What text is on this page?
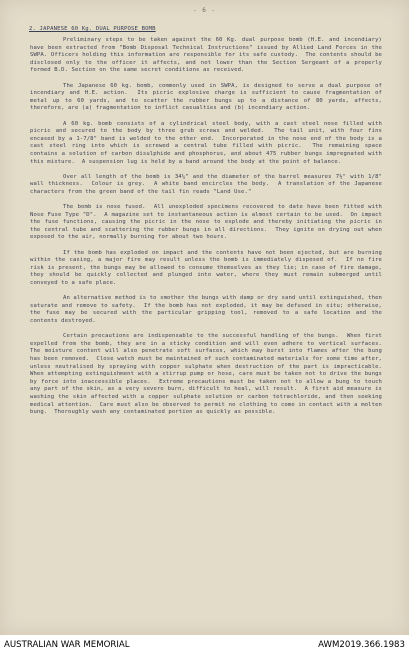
- 6 -
2. JAPANESE 60 Kg. DUAL PURPOSE BOMB

Preliminary steps to be taken against the 60 Kg. dual purpose bomb (H.E. and incendiary) have been extracted from "Bomb Disposal Technical Instructions" issued by Allied Land Forces in the SWPA. Officers holding this information are responsible for its safe custody.  The contents should be disclosed only to the officer it affects, and not lower than the Section Sergeant of a properly formed B.D. Section on the same secret conditions as received.

The Japanese 60 kg. bomb, commonly used in SWPA, is designed to serve a dual purpose of incendiary and H.E. action.  Its picric explosive charge is sufficient to cause fragmentation of metal up to 60 yards, and to scatter the rubber bungs up to a distance of 80 yards, affects, therefore, are (a) fragmentation to inflict casualties and (b) incendiary action.

A 60 kg. bomb consists of a cylindrical steel body, with a cast steel nose filled with picric and secured to the body by three grub screws and welded.  The tail unit, with four fins encased by a 1-7/8" band is welded to the other end.  Incorporated in the nose end of the body is a cast steel ring into which is screwed a central tube filled with picric.  The remaining space contains a solution of carbon disulphide and phosphorus, and about 475 rubber bungs impregnated with this mixture.  A suspension lug is held by a band around the body at the point of balance.

Over all length of the bomb is 34¼" and the diameter of the barrel measures 7½" with 1/8" wall thickness.  Colour is grey.  A white band encircles the body.  A translation of the Japanese characters from the green band of the tail fin reads "Land Use."

The bomb is nose fused.  All unexploded specimens recovered to date have been fitted with Nose Fuse Type "D".  A magazine set to instantaneous action is almost certain to be used.  On impact the fuse functions, causing the picric in the nose to explode and thereby initiating the picric in the central tube and scattering the rubber bungs in all directions.  They ignite on drying out when exposed to the air, normally burning for about two hours.

If the bomb has exploded on impact and the contents have not been ejected, but are burning within the casing, a major fire may result unless the bomb is immediately disposed of.  If no fire risk is present, the bungs may be allowed to consume themselves as they lie; in case of fire damage, they should be quickly collected and plunged into water, where they must remain submerged until conveyed to a safe place.

An alternative method is to smother the bungs with damp or dry sand until extinguished, then saturate and remove to safety.  If the bomb has not exploded, it may be defused in situ; otherwise, the fuse may be secured with the particular gripping tool, removed to a safe location and the contents destroyed.

Certain precautions are indispensable to the successful handling of the bungs.  When first expelled from the bomb, they are in a sticky condition and will even adhere to vertical surfaces.  The moisture content will also penetrate soft surfaces, which may burst into flames after the bung has been removed.  Close watch must be maintained of such contaminated materials for some time after, unless neutralised by spraying with copper sulphate when destruction of the part is impracticable.  When attempting extinguishment with a stirrup pump or hose, care must be taken not to drive the bungs by force into inaccessible places.  Extreme precautions must be taken not to allow a bung to touch any part of the skin, as a very severe burn, difficult to heal, will result.  A first aid measure is washing the skin affected with a copper sulphate solution or carbon tetrachloride, and then seeking medical attention.  Care must also be observed to permit no clothing to come in contact with a molten bung.  Thoroughly wash any contaminated portion as quickly as possible.

AUSTRALIAN WAR MEMORIAL	AWM2019.366.1983
